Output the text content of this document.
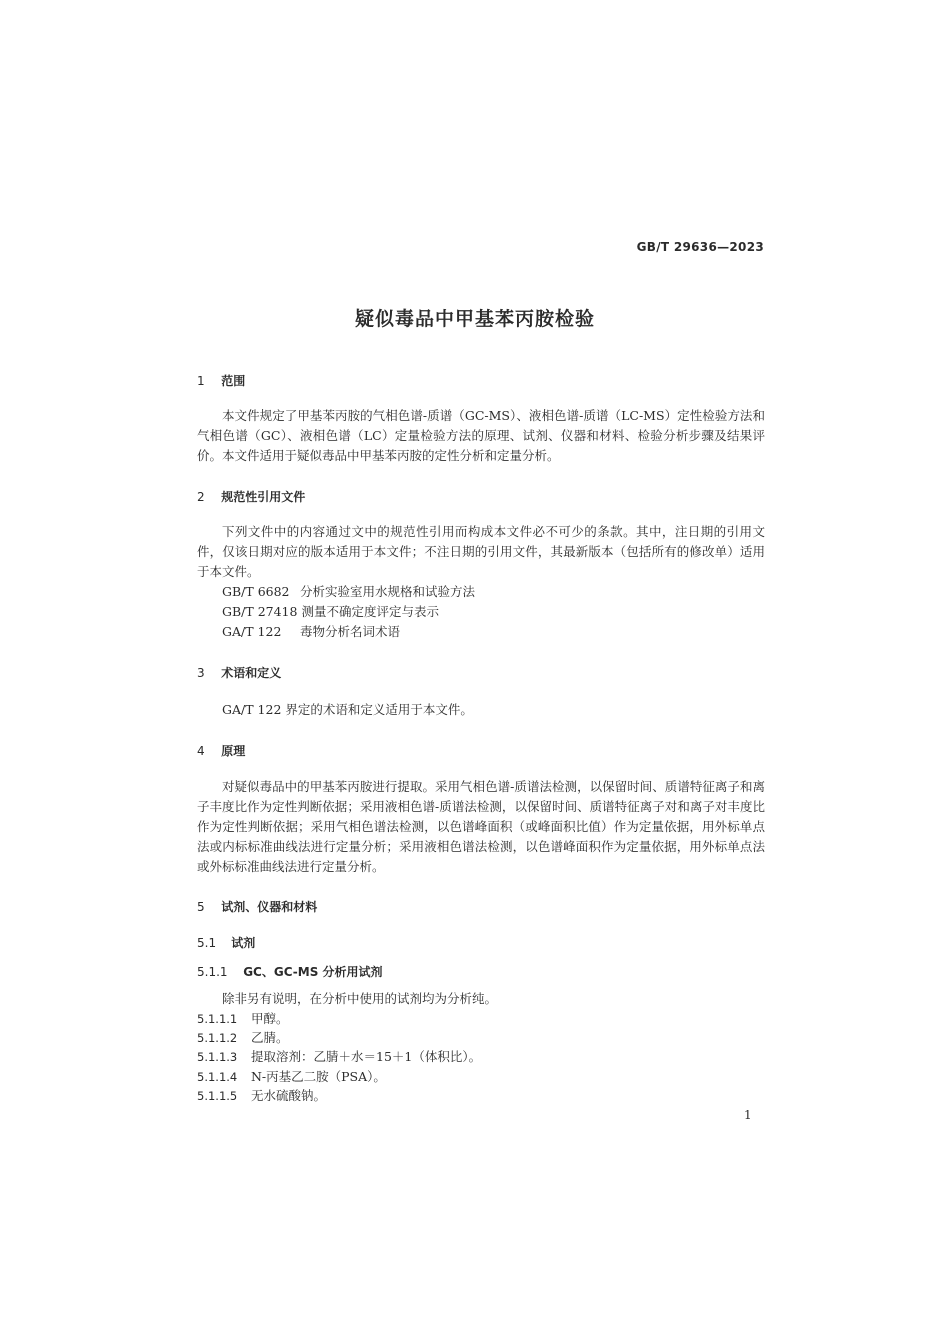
GB/T 29636—2023
疑似毒品中甲基苯丙胺检验
1 范围

本文件规定了甲基苯丙胺的气相色谱-质谱（GC-MS）、液相色谱-质谱（LC-MS）定性检验方法和气相色谱（GC）、液相色谱（LC）定量检验方法的原理、试剂、仪器和材料、检验分析步骤及结果评价。 本文件适用于疑似毒品中甲基苯丙胺的定性分析和定量分析。

2 规范性引用文件

下列文件中的内容通过文中的规范性引用而构成本文件必不可少的条款。其中，注日期的引用文件，仅该日期对应的版本适用于本文件；不注日期的引用文件，其最新版本（包括所有的修改单）适用于本文件。

GB/T 6682 分析实验室用水规格和试验方法
GB/T 27418 测量不确定度评定与表示
GA/T 122 毒物分析名词术语
3 术语和定义

GA/T 122 界定的术语和定义适用于本文件。

4 原理

对疑似毒品中的甲基苯丙胺进行提取。采用气相色谱-质谱法检测，以保留时间、质谱特征离子和离子丰度比作为定性判断依据；采用液相色谱-质谱法检测，以保留时间、质谱特征离子对和离子对丰度比作为定性判断依据；采用气相色谱法检测，以色谱峰面积（或峰面积比值）作为定量依据，用外标单点法或内标标准曲线法进行定量分析；采用液相色谱法检测，以色谱峰面积作为定量依据，用外标单点法或外标标准曲线法进行定量分析。

5 试剂、仪器和材料
5.1 试剂
5.1.1 GC、GC-MS 分析用试剂

除非另有说明，在分析中使用的试剂均为分析纯。

5.1.1.1 甲醇。
5.1.1.2 乙腈。
5.1.1.3 提取溶剂：乙腈＋水＝15＋1（体积比）。
5.1.1.4 N-丙基乙二胺（PSA）。
5.1.1.5 无水硫酸钠。
1
